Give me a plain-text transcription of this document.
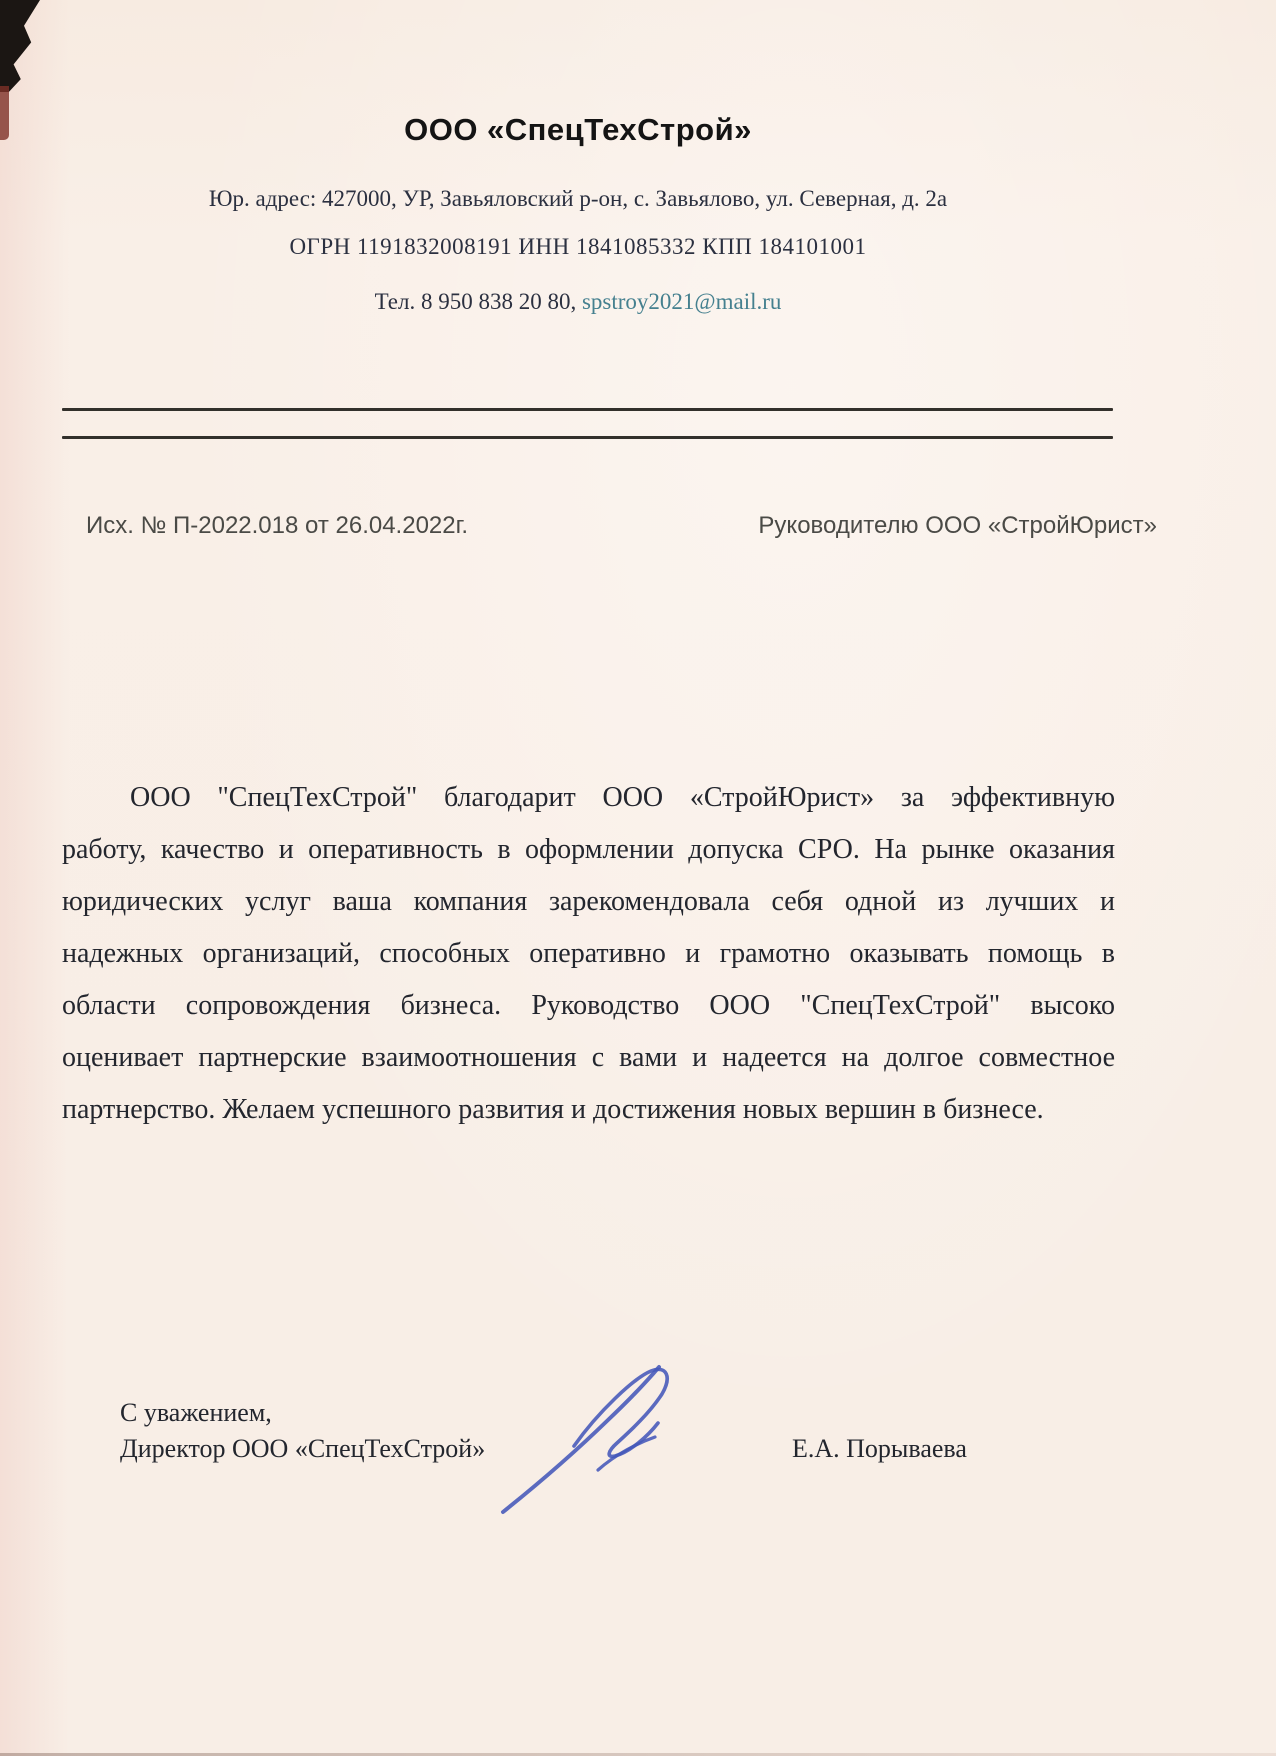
ООО «СпецТехСтрой»
Юр. адрес: 427000, УР, Завьяловский р-он, с. Завьялово, ул. Северная, д. 2а
ОГРН 1191832008191 ИНН 1841085332 КПП 184101001
Тел. 8 950 838 20 80, spstroy2021@mail.ru
Исх. № П-2022.018 от 26.04.2022г.	Руководителю ООО «СтройЮрист»
ООО "СпецТехСтрой" благодарит ООО «СтройЮрист» за эффективную
работу, качество и оперативность в оформлении допуска СРО. На рынке оказания
юридических услуг ваша компания зарекомендовала себя одной из лучших и
надежных организаций, способных оперативно и грамотно оказывать помощь в
области сопровождения бизнеса. Руководство ООО "СпецТехСтрой" высоко
оценивает партнерские взаимоотношения с вами и надеется на долгое совместное
партнерство. Желаем успешного развития и достижения новых вершин в бизнесе.
С уважением,
Директор ООО «СпецТехСтрой»	Е.А. Порываева
